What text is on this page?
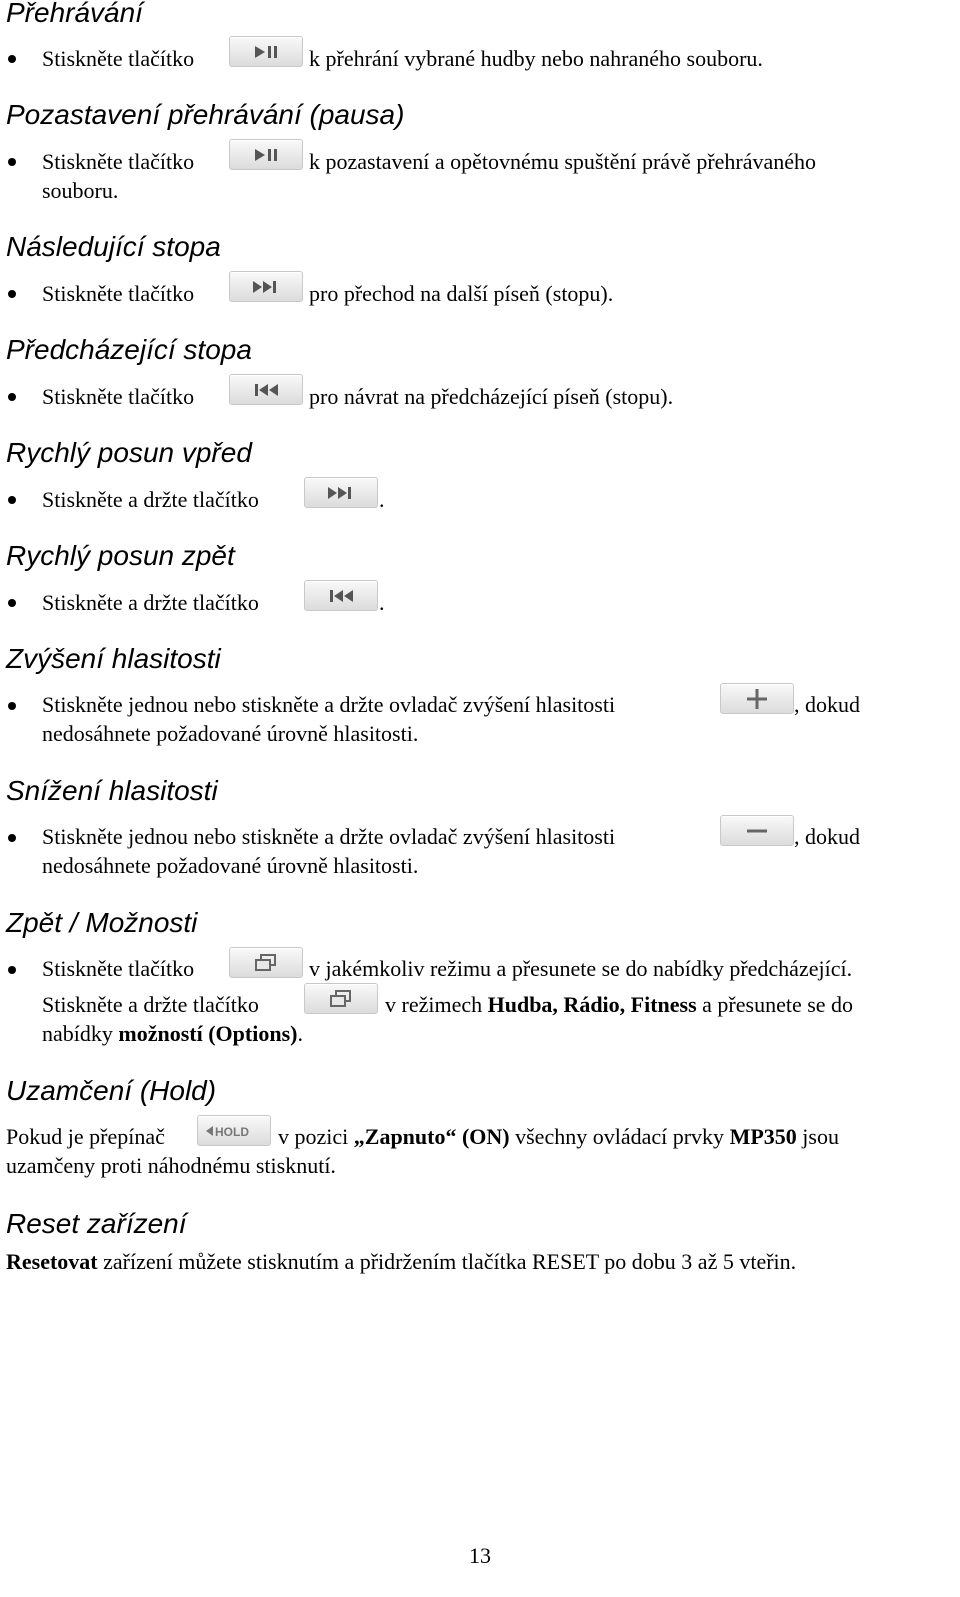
Přehrávání
Stiskněte tlačítko	k přehrání vybrané hudby nebo nahraného souboru.
Pozastavení přehrávání (pausa)
Stiskněte tlačítko	k pozastavení a opětovnému spuštění právě přehrávaného
souboru.
Následující stopa
Stiskněte tlačítko	pro přechod na další píseň (stopu).
Předcházející stopa
Stiskněte tlačítko	pro návrat na předcházející píseň (stopu).
Rychlý posun vpřed
Stiskněte a držte tlačítko	.
Rychlý posun zpět
Stiskněte a držte tlačítko	.
Zvýšení hlasitosti
Stiskněte jednou nebo stiskněte a držte ovladač zvýšení hlasitosti	, dokud
nedosáhnete požadované úrovně hlasitosti.
Snížení hlasitosti
Stiskněte jednou nebo stiskněte a držte ovladač zvýšení hlasitosti	, dokud
nedosáhnete požadované úrovně hlasitosti.
Zpět / Možnosti
Stiskněte tlačítko	v jakémkoliv režimu a přesunete se do nabídky předcházející.
Stiskněte a držte tlačítko	v režimech Hudba, Rádio, Fitness a přesunete se do
nabídky možností (Options).
Uzamčení (Hold)
Pokud je přepínač	HOLD v pozici „Zapnuto“ (ON) všechny ovládací prvky MP350 jsou
uzamčeny proti náhodnému stisknutí.
Reset zařízení
Resetovat zařízení můžete stisknutím a přidržením tlačítka RESET po dobu 3 až 5 vteřin.
13
